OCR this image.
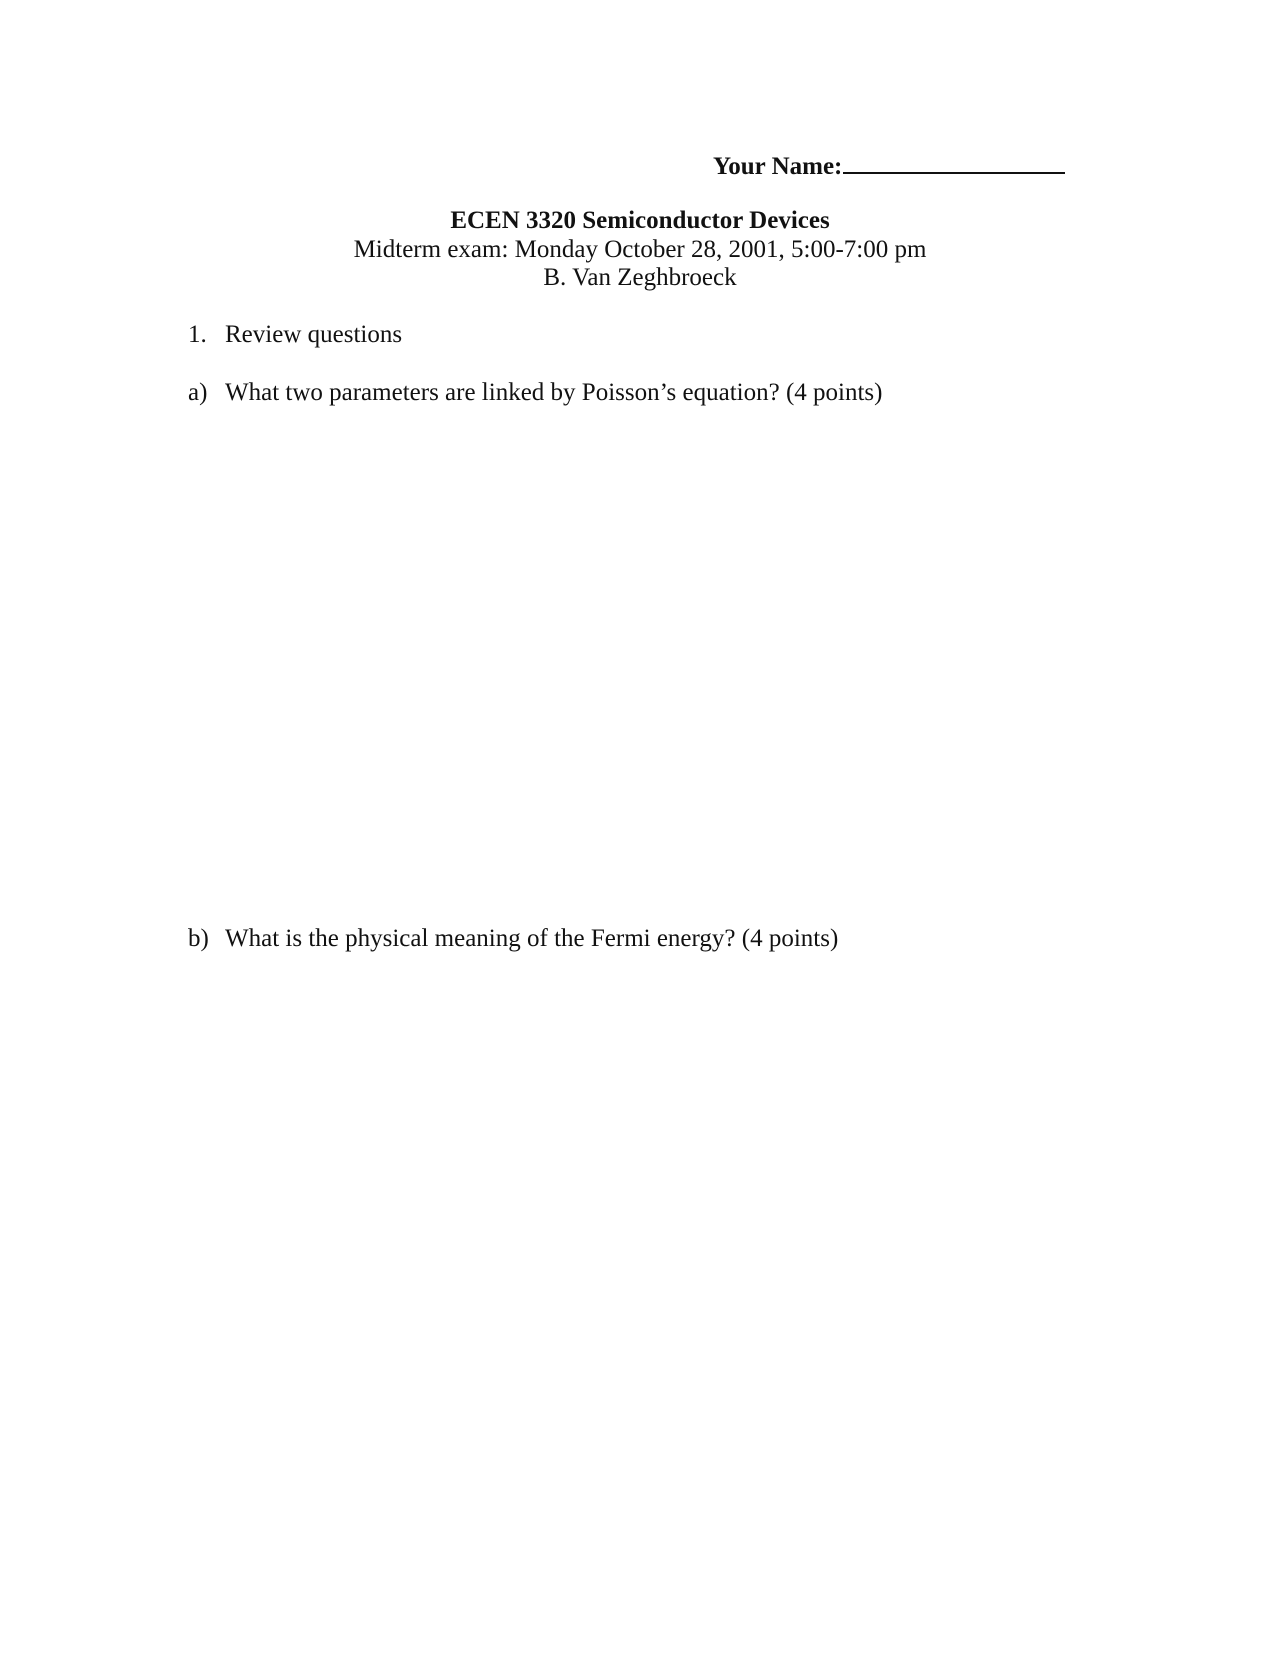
Your Name:
ECEN 3320 Semiconductor Devices
Midterm exam: Monday October 28, 2001, 5:00-7:00 pm
B. Van Zeghbroeck
1. Review questions
a) What two parameters are linked by Poisson’s equation? (4 points)
b) What is the physical meaning of the Fermi energy? (4 points)
